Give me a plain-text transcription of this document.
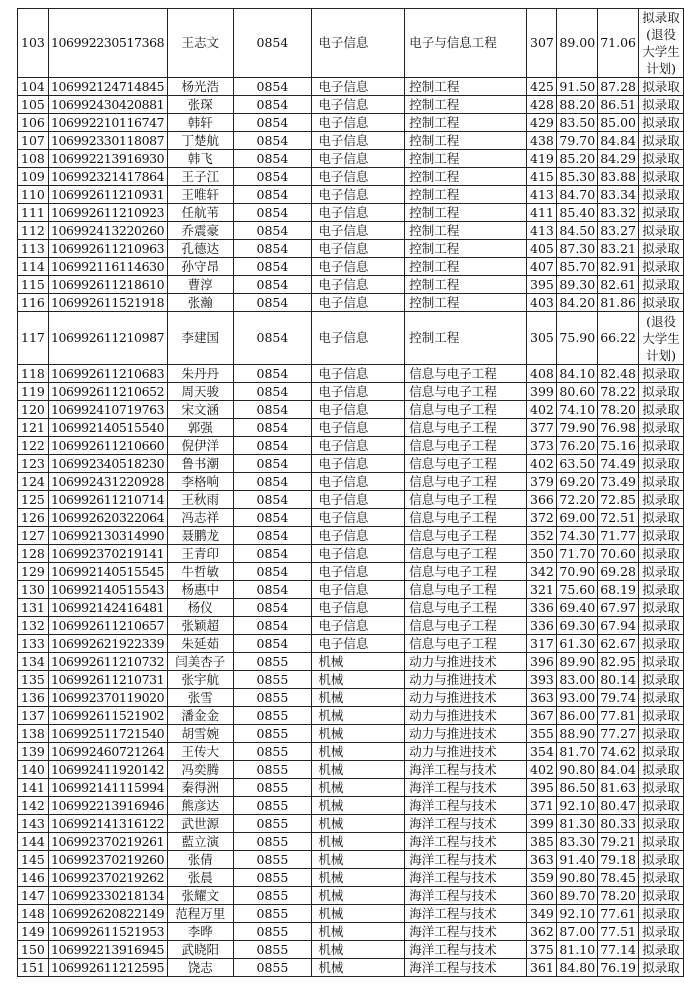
103	106992230517368	王志文	0854	电子信息	电子与信息工程	307	89.00	71.06	拟录取(退役大学生计划)
104	106992124714845	杨光浩	0854	电子信息	控制工程	425	91.50	87.28	拟录取
105	106992430420881	张琛	0854	电子信息	控制工程	428	88.20	86.51	拟录取
106	106992210116747	韩轩	0854	电子信息	控制工程	429	83.50	85.00	拟录取
107	106992330118087	丁楚航	0854	电子信息	控制工程	438	79.70	84.84	拟录取
108	106992213916930	韩飞	0854	电子信息	控制工程	419	85.20	84.29	拟录取
109	106992321417864	王子江	0854	电子信息	控制工程	415	85.30	83.88	拟录取
110	106992611210931	王唯轩	0854	电子信息	控制工程	413	84.70	83.34	拟录取
111	106992611210923	任航苇	0854	电子信息	控制工程	411	85.40	83.32	拟录取
112	106992413220260	乔震豪	0854	电子信息	控制工程	413	84.50	83.27	拟录取
113	106992611210963	孔德达	0854	电子信息	控制工程	405	87.30	83.21	拟录取
114	106992116114630	孙守昂	0854	电子信息	控制工程	407	85.70	82.91	拟录取
115	106992611218610	曹淳	0854	电子信息	控制工程	395	89.30	82.61	拟录取
116	106992611521918	张瀚	0854	电子信息	控制工程	403	84.20	81.86	拟录取
117	106992611210987	李建国	0854	电子信息	控制工程	305	75.90	66.22	(退役大学生计划)
118	106992611210683	朱丹丹	0854	电子信息	信息与电子工程	408	84.10	82.48	拟录取
119	106992611210652	周天骏	0854	电子信息	信息与电子工程	399	80.60	78.22	拟录取
120	106992410719763	宋文涵	0854	电子信息	信息与电子工程	402	74.10	78.20	拟录取
121	106992140515540	郭强	0854	电子信息	信息与电子工程	377	79.90	76.98	拟录取
122	106992611210660	倪伊洋	0854	电子信息	信息与电子工程	373	76.20	75.16	拟录取
123	106992340518230	鲁书潮	0854	电子信息	信息与电子工程	402	63.50	74.49	拟录取
124	106992431220928	李格响	0854	电子信息	信息与电子工程	379	69.20	73.49	拟录取
125	106992611210714	王秋雨	0854	电子信息	信息与电子工程	366	72.20	72.85	拟录取
126	106992620322064	冯志祥	0854	电子信息	信息与电子工程	372	69.00	72.51	拟录取
127	106992130314990	聂鹏龙	0854	电子信息	信息与电子工程	352	74.30	71.77	拟录取
128	106992370219141	王青印	0854	电子信息	信息与电子工程	350	71.70	70.60	拟录取
129	106992140515545	牛哲敏	0854	电子信息	信息与电子工程	342	70.90	69.28	拟录取
130	106992140515543	杨惠中	0854	电子信息	信息与电子工程	321	75.60	68.19	拟录取
131	106992142416481	杨仪	0854	电子信息	信息与电子工程	336	69.40	67.97	拟录取
132	106992611210657	张颖超	0854	电子信息	信息与电子工程	336	69.30	67.94	拟录取
133	106992621922339	朱延茹	0854	电子信息	信息与电子工程	317	61.30	62.67	拟录取
134	106992611210732	闫美杏子	0855	机械	动力与推进技术	396	89.90	82.95	拟录取
135	106992611210731	张宇航	0855	机械	动力与推进技术	393	83.00	80.14	拟录取
136	106992370119020	张雪	0855	机械	动力与推进技术	363	93.00	79.74	拟录取
137	106992611521902	潘金金	0855	机械	动力与推进技术	367	86.00	77.81	拟录取
138	106992511721540	胡雪婉	0855	机械	动力与推进技术	355	88.90	77.27	拟录取
139	106992460721264	王传大	0855	机械	动力与推进技术	354	81.70	74.62	拟录取
140	106992411920142	冯奕腾	0855	机械	海洋工程与技术	402	90.80	84.04	拟录取
141	106992141115994	秦得洲	0855	机械	海洋工程与技术	395	86.50	81.63	拟录取
142	106992213916946	熊彦达	0855	机械	海洋工程与技术	371	92.10	80.47	拟录取
143	106992141316122	武世源	0855	机械	海洋工程与技术	399	81.30	80.33	拟录取
144	106992370219261	藍立演	0855	机械	海洋工程与技术	385	83.30	79.21	拟录取
145	106992370219260	张倩	0855	机械	海洋工程与技术	363	91.40	79.18	拟录取
146	106992370219262	张晨	0855	机械	海洋工程与技术	359	90.80	78.45	拟录取
147	106992330218134	张耀文	0855	机械	海洋工程与技术	360	89.70	78.20	拟录取
148	106992620822149	范程万里	0855	机械	海洋工程与技术	349	92.10	77.61	拟录取
149	106992611521953	李晔	0855	机械	海洋工程与技术	362	87.00	77.51	拟录取
150	106992213916945	武晓阳	0855	机械	海洋工程与技术	375	81.10	77.14	拟录取
151	106992611212595	饶志	0855	机械	海洋工程与技术	361	84.80	76.19	拟录取
